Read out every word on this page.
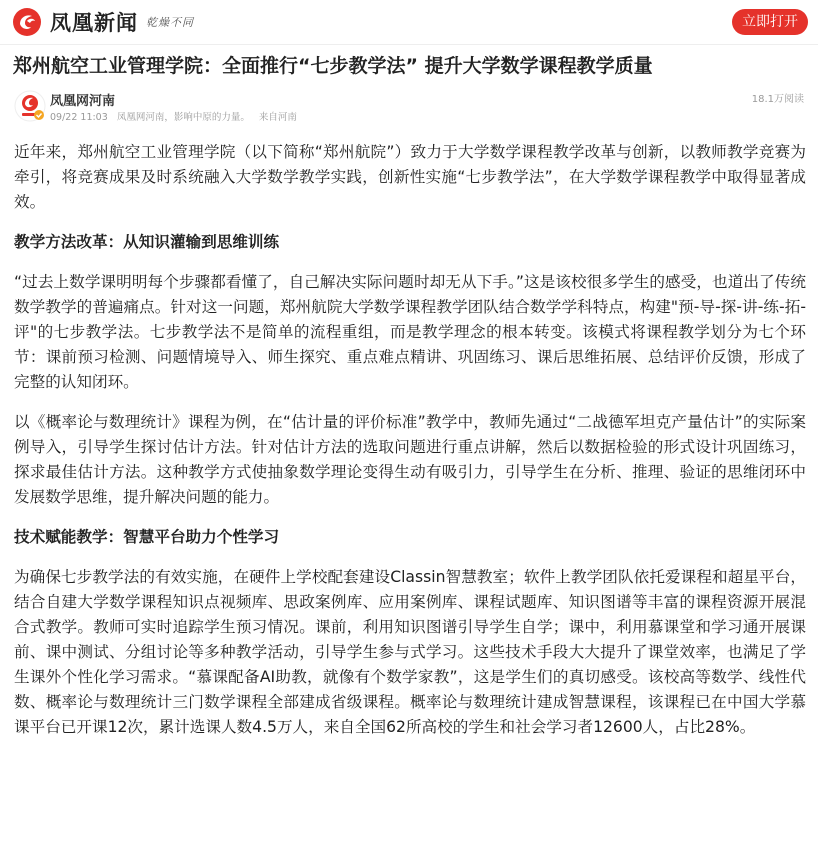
凤凰新闻 乾燥不同	立即打开
郑州航空工业管理学院：全面推行“七步教学法” 提升大学数学课程教学质量
凤凰网河南
09/22 11:03 凤凰网河南，影响中原的力量。 来自河南
18.1万阅读

近年来，郑州航空工业管理学院（以下简称“郑州航院”）致力于大学数学课程教学改革与创新，以教师教学竞赛为牵引，将竞赛成果及时系统融入大学数学教学实践，创新性实施“七步教学法”，在大学数学课程教学中取得显著成效。

教学方法改革：从知识灌输到思维训练

“过去上数学课明明每个步骤都看懂了，自己解决实际问题时却无从下手。”这是该校很多学生的感受，也道出了传统数学教学的普遍痛点。针对这一问题，郑州航院大学数学课程教学团队结合数学学科特点，构建"预-导-探-讲-练-拓-评"的七步教学法。七步教学法不是简单的流程重组，而是教学理念的根本转变。该模式将课程教学划分为七个环节：课前预习检测、问题情境导入、师生探究、重点难点精讲、巩固练习、课后思维拓展、总结评价反馈，形成了完整的认知闭环。

以《概率论与数理统计》课程为例，在“估计量的评价标准”教学中，教师先通过“二战德军坦克产量估计”的实际案例导入，引导学生探讨估计方法。针对估计方法的选取问题进行重点讲解，然后以数据检验的形式设计巩固练习，探求最佳估计方法。这种教学方式使抽象数学理论变得生动有吸引力，引导学生在分析、推理、验证的思维闭环中发展数学思维，提升解决问题的能力。

技术赋能教学：智慧平台助力个性学习

为确保七步教学法的有效实施，在硬件上学校配套建设Classin智慧教室；软件上教学团队依托爱课程和超星平台，结合自建大学数学课程知识点视频库、思政案例库、应用案例库、课程试题库、知识图谱等丰富的课程资源开展混合式教学。教师可实时追踪学生预习情况。课前，利用知识图谱引导学生自学；课中，利用慕课堂和学习通开展课前、课中测试、分组讨论等多种教学活动，引导学生参与式学习。这些技术手段大大提升了课堂效率，也满足了学生课外个性化学习需求。“慕课配备AI助教，就像有个数学家教”，这是学生们的真切感受。该校高等数学、线性代数、概率论与数理统计三门数学课程全部建成省级课程。概率论与数理统计建成智慧课程，该课程已在中国大学慕课平台已开课12次，累计选课人数4.5万人，来自全国62所高校的学生和社会学习者12600人，占比28%。
